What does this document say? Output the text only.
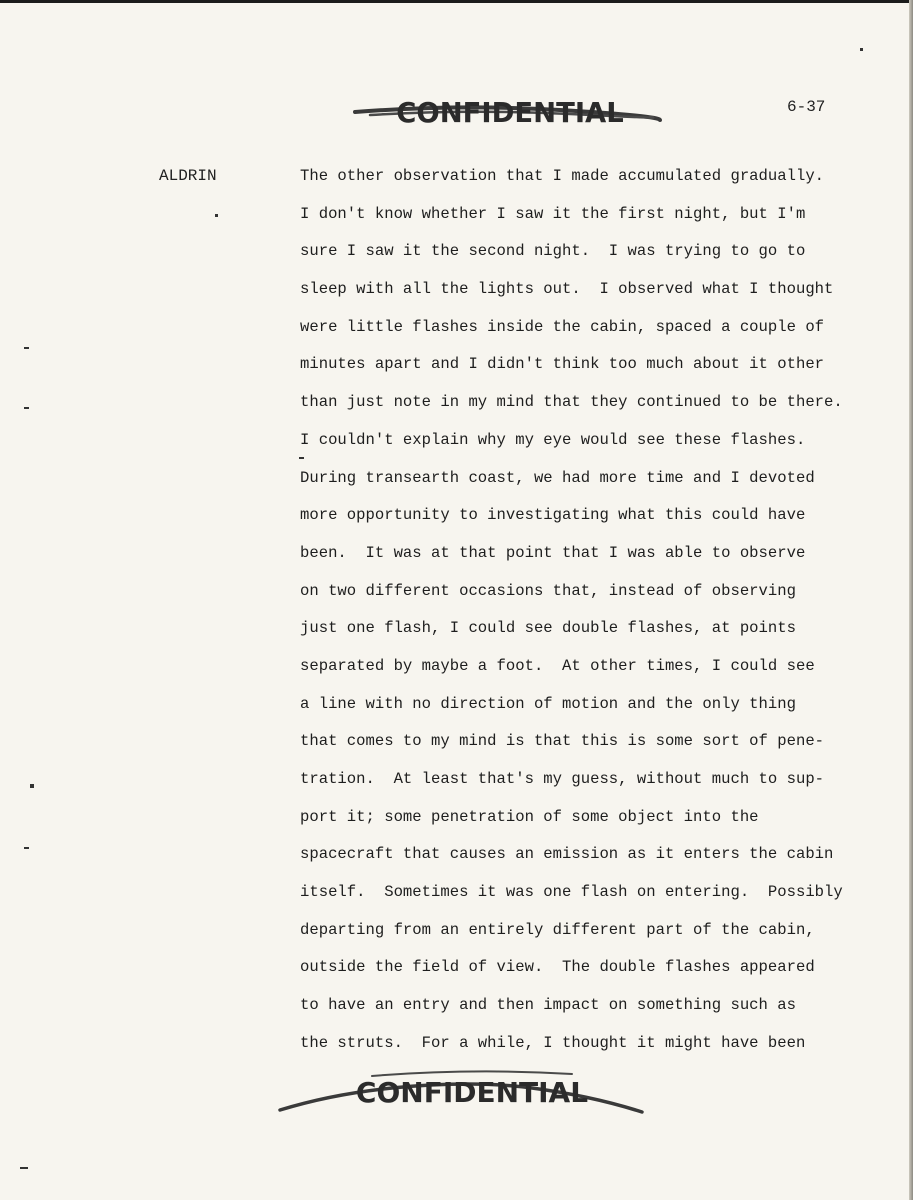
CONFIDENTIAL	6-37
ALDRIN	The other observation that I made accumulated gradually.
I don't know whether I saw it the first night, but I'm
sure I saw it the second night.  I was trying to go to
sleep with all the lights out.  I observed what I thought
were little flashes inside the cabin, spaced a couple of
minutes apart and I didn't think too much about it other
than just note in my mind that they continued to be there.
I couldn't explain why my eye would see these flashes.
During transearth coast, we had more time and I devoted
more opportunity to investigating what this could have
been.  It was at that point that I was able to observe
on two different occasions that, instead of observing
just one flash, I could see double flashes, at points
separated by maybe a foot.  At other times, I could see
a line with no direction of motion and the only thing
that comes to my mind is that this is some sort of pene-
tration.  At least that's my guess, without much to sup-
port it; some penetration of some object into the
spacecraft that causes an emission as it enters the cabin
itself.  Sometimes it was one flash on entering.  Possibly
departing from an entirely different part of the cabin,
outside the field of view.  The double flashes appeared
to have an entry and then impact on something such as
the struts.  For a while, I thought it might have been
CONFIDENTIAL
